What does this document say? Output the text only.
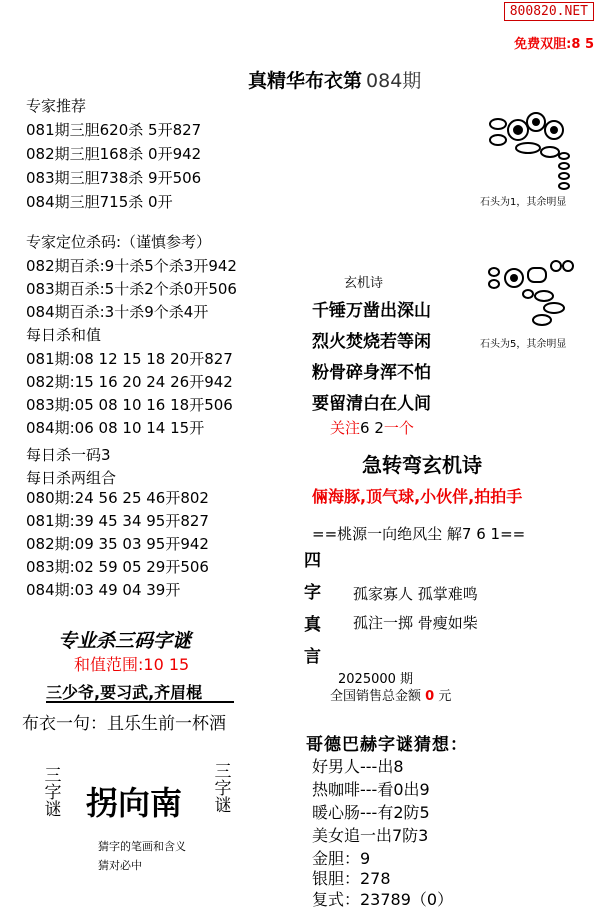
800820.NET
免费双胆:8 5
真精华布衣第 084期
专家推荐
081期三胆620杀 5开827
082期三胆168杀 0开942
083期三胆738杀 9开506
084期三胆715杀 0开
专家定位杀码:（谨慎参考）
082期百杀:9十杀5个杀3开942
083期百杀:5十杀2个杀0开506
084期百杀:3十杀9个杀4开
每日杀和值
081期:08 12 15 18 20开827
082期:15 16 20 24 26开942
083期:05 08 10 16 18开506
084期:06 08 10 14 15开
每日杀一码3
每日杀两组合
080期:24 56 25 46开802
081期:39 45 34 95开827
082期:09 35 03 95开942
083期:02 59 05 29开506
084期:03 49 04 39开
专业杀三码字谜
和值范围:10 15
三少爷,要习武,齐眉棍
布衣一句：且乐生前一杯酒
三字谜
三字谜
拐向南
猜字的笔画和含义
猜对必中
石头为1，其余明显
石头为5，其余明显
玄机诗
千锤万凿出深山
烈火焚烧若等闲
粉骨碎身浑不怕
要留清白在人间
关注6 2一个
急转弯玄机诗
倆海豚,顶气球,小伙伴,拍拍手
==桃源一向绝风尘 解7 6 1==
四
字
真
言
孤家寡人 孤掌难鸣
孤注一掷 骨瘦如柴
2025000 期
全国销售总金额 0 元
哥德巴赫字谜猜想：
好男人---出8
热咖啡---看0出9
暖心肠---有2防5
美女追一出7防3
金胆：9
银胆：278
复式：23789（0）
